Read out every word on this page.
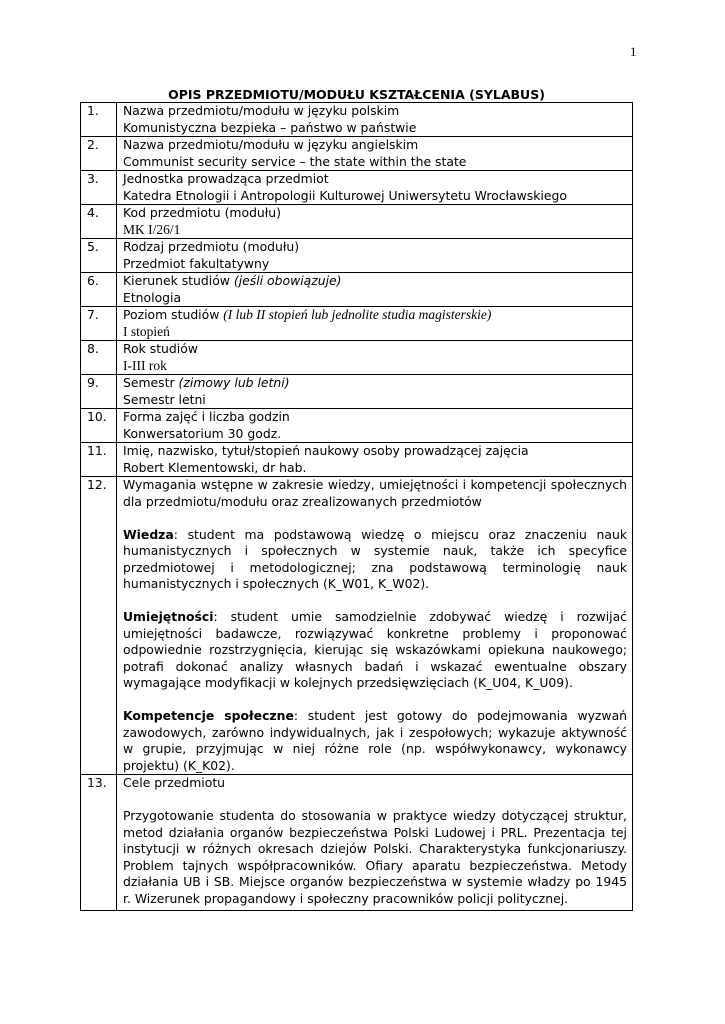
1
OPIS PRZEDMIOTU/MODUŁU KSZTAŁCENIA (SYLABUS)
1.	Nazwa przedmiotu/modułu w języku polskim
Komunistyczna bezpieka – państwo w państwie

2.	Nazwa przedmiotu/modułu w języku angielskim
Communist security service – the state within the state

3.	Jednostka prowadząca przedmiot
Katedra Etnologii i Antropologii Kulturowej Uniwersytetu Wrocławskiego

4.	Kod przedmiotu (modułu)
MK I/26/1

5.	Rodzaj przedmiotu (modułu)
Przedmiot fakultatywny

6.	Kierunek studiów (jeśli obowiązuje)
Etnologia

7.	Poziom studiów (I lub II stopień lub jednolite studia magisterskie)
I stopień

8.	Rok studiów
I-III rok

9.	Semestr (zimowy lub letni)
Semestr letni

10.	Forma zajęć i liczba godzin
Konwersatorium 30 godz.

11.	Imię, nazwisko, tytuł/stopień naukowy osoby prowadzącej zajęcia
Robert Klementowski, dr hab.

12.	Wymagania wstępne w zakresie wiedzy, umiejętności i kompetencji społecznych dla przedmiotu/modułu oraz zrealizowanych przedmiotów
Wiedza: student ma podstawową wiedzę o miejscu oraz znaczeniu nauk humanistycznych i społecznych w systemie nauk, także ich specyfice przedmiotowej i metodologicznej; zna podstawową terminologię nauk humanistycznych i społecznych (K_W01, K_W02).
Umiejętności: student umie samodzielnie zdobywać wiedzę i rozwijać umiejętności badawcze, rozwiązywać konkretne problemy i proponować odpowiednie rozstrzygnięcia, kierując się wskazówkami opiekuna naukowego; potrafi dokonać analizy własnych badań i wskazać ewentualne obszary wymagające modyfikacji w kolejnych przedsięwzięciach (K_U04, K_U09).
Kompetencje społeczne: student jest gotowy do podejmowania wyzwań zawodowych, zarówno indywidualnych, jak i zespołowych; wykazuje aktywność w grupie, przyjmując w niej różne role (np. współwykonawcy, wykonawcy projektu) (K_K02).

13.	Cele przedmiotu
Przygotowanie studenta do stosowania w praktyce wiedzy dotyczącej struktur, metod działania organów bezpieczeństwa Polski Ludowej i PRL. Prezentacja tej instytucji w różnych okresach dziejów Polski. Charakterystyka funkcjonariuszy. Problem tajnych współpracowników. Ofiary aparatu bezpieczeństwa. Metody działania UB i SB. Miejsce organów bezpieczeństwa w systemie władzy po 1945 r. Wizerunek propagandowy i społeczny pracowników policji politycznej.
